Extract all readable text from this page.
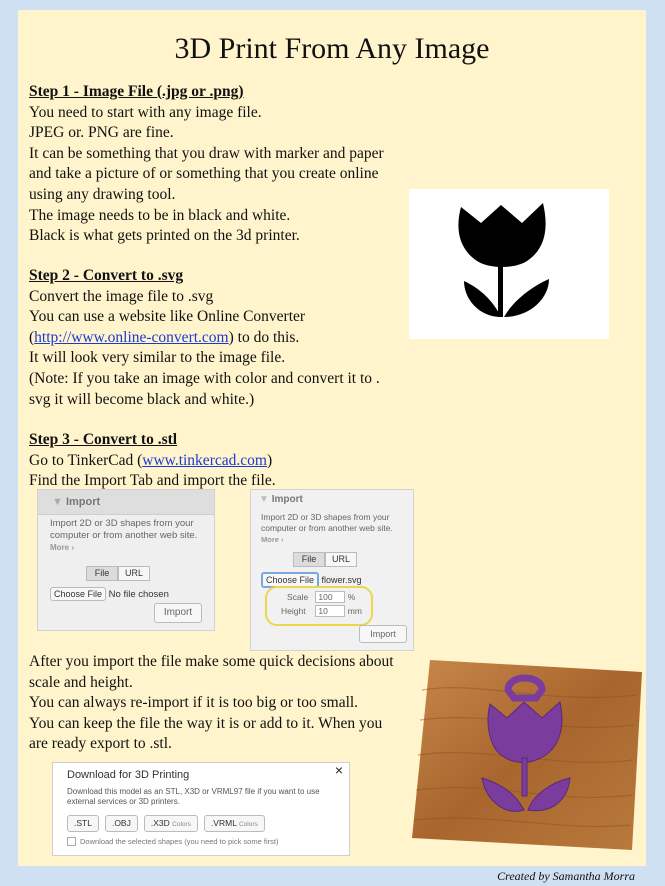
3D Print From Any Image
Step 1 - Image File (.jpg or .png)
You need to start with any image file.
JPEG or. PNG are fine.
It can be something that you draw with marker and paper
and take a picture of or something that you create online
using any drawing tool.
The image needs to be in black and white.
Black is what gets printed on the 3d printer.
Step 2 - Convert to .svg
Convert the image file to .svg
You can use a website like Online Converter
(http://www.online-convert.com) to do this.
It will look very similar to the image file.
(Note: If you take an image with color and convert it to .
svg it will become black and white.)
Step 3 - Convert to .stl
Go to TinkerCad (www.tinkercad.com)
Find the Import Tab and import the file.
▼ Import
Import 2D or 3D shapes from your
computer or from another web site.
More ›
File	URL
Choose File No file chosen
Import
▼ Import
Import 2D or 3D shapes from your
computer or from another web site.
More ›
File	URL
Choose File flower.svg
Scale 100 %
Height 10 mm
Import
After you import the file make some quick decisions about
scale and height.
You can always re-import if it is too big or too small.
You can keep the file the way it is or add to it. When you
are ready export to .stl.
Download for 3D Printing	×
Download this model as an STL, X3D or VRML97 file if you want to use
external services or 3D printers.
.STL	.OBJ	.X3D Colors	.VRML Colors
Download the selected shapes (you need to pick some first)
Created by Samantha Morra
